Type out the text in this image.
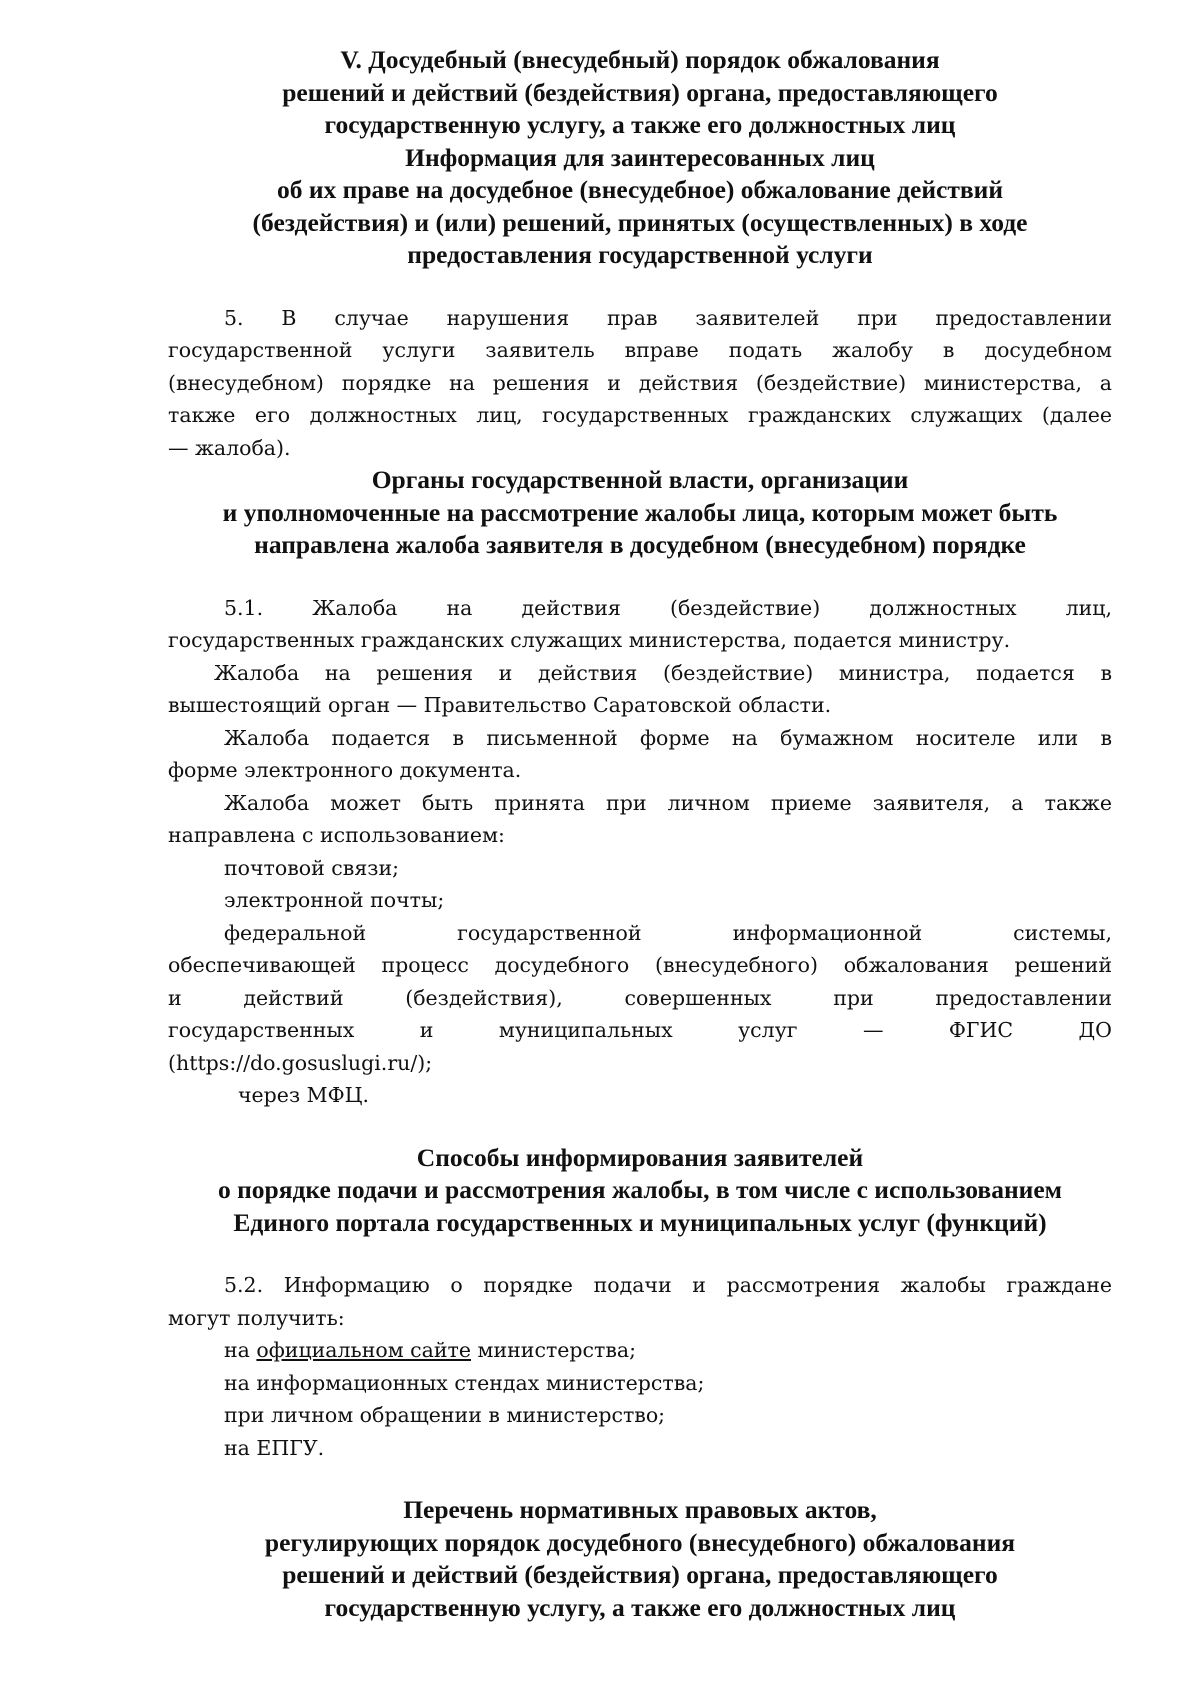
V. Досудебный (внесудебный) порядок обжалования
решений и действий (бездействия) органа, предоставляющего
государственную услугу, а также его должностных лиц
Информация для заинтересованных лиц
об их праве на досудебное (внесудебное) обжалование действий
(бездействия) и (или) решений, принятых (осуществленных) в ходе
предоставления государственной услуги
5. В случае нарушения прав заявителей при предоставлении
государственной услуги заявитель вправе подать жалобу в досудебном
(внесудебном) порядке на решения и действия (бездействие) министерства, а
также его должностных лиц, государственных гражданских служащих (далее
— жалоба).
Органы государственной власти, организации
и уполномоченные на рассмотрение жалобы лица, которым может быть
направлена жалоба заявителя в досудебном (внесудебном) порядке
5.1. Жалоба на действия (бездействие) должностных лиц,
государственных гражданских служащих министерства, подается министру.
Жалоба на решения и действия (бездействие) министра, подается в
вышестоящий орган — Правительство Саратовской области.
Жалоба подается в письменной форме на бумажном носителе или в
форме электронного документа.
Жалоба может быть принята при личном приеме заявителя, а также
направлена с использованием:
почтовой связи;
электронной почты;
федеральной государственной информационной системы,
обеспечивающей процесс досудебного (внесудебного) обжалования решений
и действий (бездействия), совершенных при предоставлении
государственных и муниципальных услуг — ФГИС ДО
(https://do.gosuslugi.ru/);
через МФЦ.
Способы информирования заявителей
о порядке подачи и рассмотрения жалобы, в том числе с использованием
Единого портала государственных и муниципальных услуг (функций)
5.2. Информацию о порядке подачи и рассмотрения жалобы граждане
могут получить:
на официальном сайте министерства;
на информационных стендах министерства;
при личном обращении в министерство;
на ЕПГУ.
Перечень нормативных правовых актов,
регулирующих порядок досудебного (внесудебного) обжалования
решений и действий (бездействия) органа, предоставляющего
государственную услугу, а также его должностных лиц
